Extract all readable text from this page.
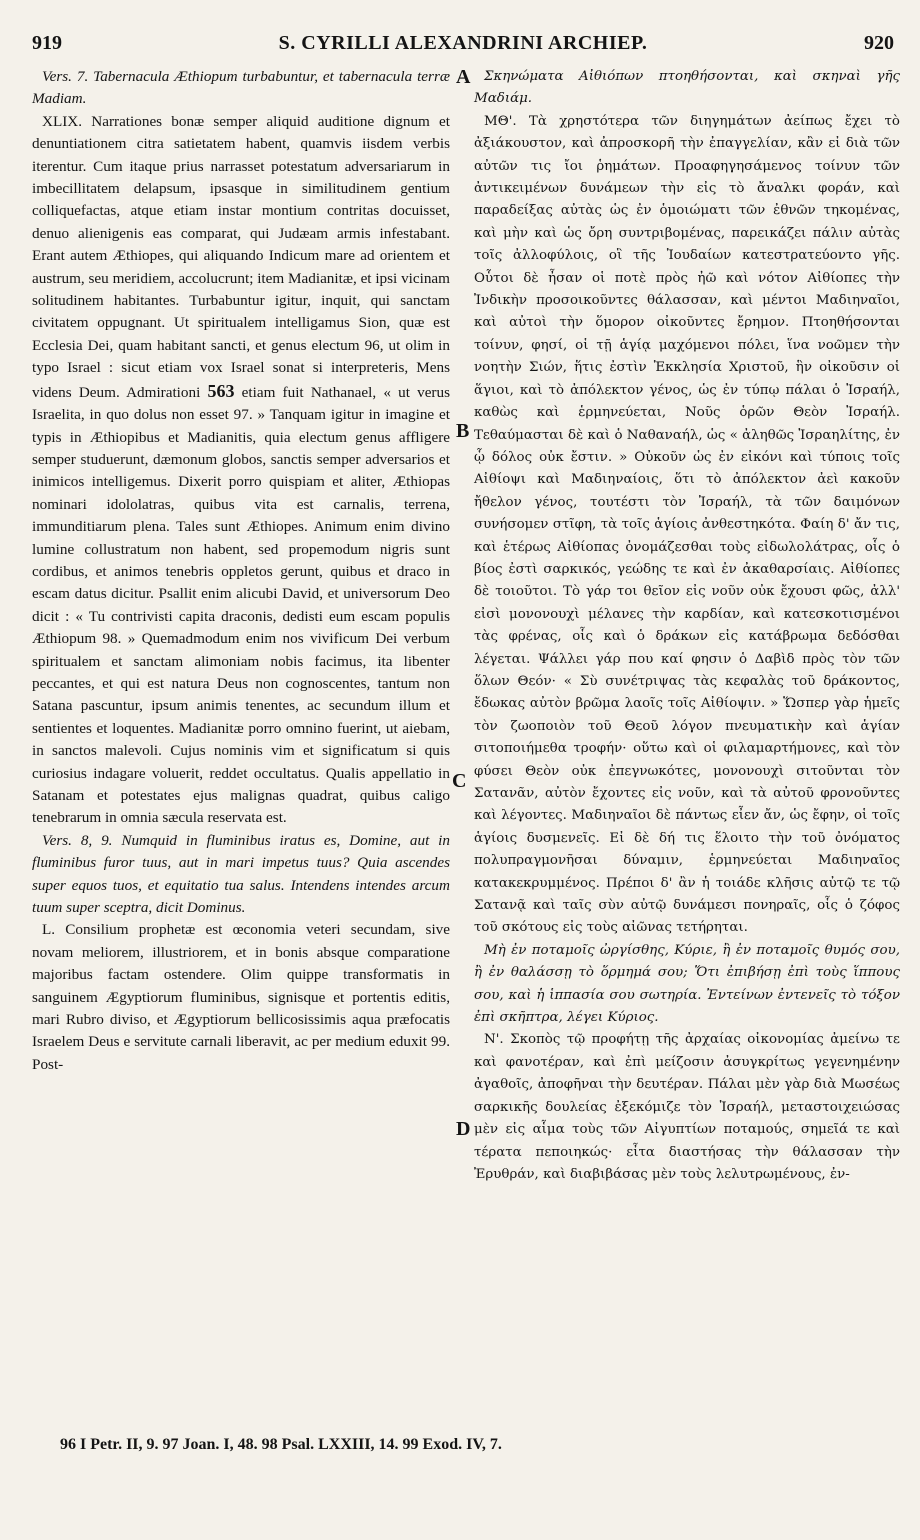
919	S. CYRILLI ALEXANDRINI ARCHIEP.	920

Vers. 7. Tabernacula Æthiopum turbabuntur, et tabernacula terræ Madiam.

XLIX. Narrationes bonæ semper aliquid auditione dignum et denuntiationem citra satietatem habent, quamvis iisdem verbis iterentur. Cum itaque prius narrasset potestatum adversariarum in imbecillitatem delapsum, ipsasque in similitudinem gentium colliquefactas, atque etiam instar montium contritas docuisset, denuo alienigenis eas comparat, qui Judæam armis infestabant. Erant autem Æthiopes, qui aliquando Indicum mare ad orientem et austrum, seu meridiem, accolucrunt; item Madianitæ, et ipsi vicinam solitudinem habitantes. Turbabuntur igitur, inquit, qui sanctam civitatem oppugnant. Ut spiritualem intelligamus Sion, quæ est Ecclesia Dei, quam habitant sancti, et genus electum 96, ut olim in typo Israel : sicut etiam vox Israel sonat si interpreteris, Mens videns Deum. Admirationi 563 etiam fuit Nathanael, « ut verus Israelita, in quo dolus non esset 97. » Tanquam igitur in imagine et typis in Æthiopibus et Madianitis, quia electum genus affligere semper studuerunt, dæmonum globos, sanctis semper adversarios et inimicos intelligemus. Dixerit porro quispiam et aliter, Æthiopas nominari idololatras, quibus vita est carnalis, terrena, immunditiarum plena. Tales sunt Æthiopes. Animum enim divino lumine collustratum non habent, sed propemodum nigris sunt cordibus, et animos tenebris oppletos gerunt, quibus et draco in escam datus dicitur. Psallit enim alicubi David, et universorum Deo dicit : « Tu contrivisti capita draconis, dedisti eum escam populis Æthiopum 98. » Quemadmodum enim nos vivificum Dei verbum spiritualem et sanctam alimoniam nobis facimus, ita libenter peccantes, et qui est natura Deus non cognoscentes, tantum non Satana pascuntur, ipsum animis tenentes, ac secundum illum et sentientes et loquentes. Madianitæ porro omnino fuerint, ut aiebam, in sanctos malevoli. Cujus nominis vim et significatum si quis curiosius indagare voluerit, reddet occultatus. Qualis appellatio in Satanam et potestates ejus malignas quadrat, quibus caligo tenebrarum in omnia sæcula reservata est.

Vers. 8, 9. Numquid in fluminibus iratus es, Domine, aut in fluminibus furor tuus, aut in mari impetus tuus? Quia ascendes super equos tuos, et equitatio tua salus. Intendens intendes arcum tuum super sceptra, dicit Dominus.

L. Consilium prophetæ est œconomia veteri secundam, sive novam meliorem, illustriorem, et in bonis absque comparatione majoribus factam ostendere. Olim quippe transformatis in sanguinem Ægyptiorum fluminibus, signisque et portentis editis, mari Rubro diviso, et Ægyptiorum bellicosissimis aqua præfocatis Israelem Deus e servitute carnali liberavit, ac per medium eduxit 99. Post-

Σκηνώματα Αἰθιόπων πτοηθήσονται, καὶ σκηναὶ γῆς Μαδιάμ.

ΜΘ'. Τὰ χρηστότερα τῶν διηγημάτων ἀείπως ἔχει τὸ ἀξιάκουστον, καὶ ἀπροσκορῆ τὴν ἐπαγγελίαν, κἂν εἰ διὰ τῶν αὐτῶν τις ἴοι ῥημάτων. Προαφηγησάμενος τοίνυν τῶν ἀντικειμένων δυνάμεων τὴν εἰς τὸ ἄναλκι φοράν, καὶ παραδείξας αὐτὰς ὡς ἐν ὁμοιώματι τῶν ἐθνῶν τηκομένας, καὶ μὴν καὶ ὡς ὄρη συντριβομένας, παρεικάζει πάλιν αὐτὰς τοῖς ἀλλοφύλοις, οἳ τῆς Ἰουδαίων κατεστρατεύοντο γῆς. Οὗτοι δὲ ἦσαν οἱ ποτὲ πρὸς ἠῶ καὶ νότον Αἰθίοπες τὴν Ἰνδικὴν προσοικοῦντες θάλασσαν, καὶ μέντοι Μαδιηναῖοι, καὶ αὐτοὶ τὴν ὅμορον οἰκοῦντες ἔρημον. Πτοηθήσονται τοίνυν, φησί, οἱ τῇ ἁγίᾳ μαχόμενοι πόλει, ἵνα νοῶμεν τὴν νοητὴν Σιών, ἥτις ἐστὶν Ἐκκλησία Χριστοῦ, ἣν οἰκοῦσιν οἱ ἅγιοι, καὶ τὸ ἀπόλεκτον γένος, ὡς ἐν τύπῳ πάλαι ὁ Ἰσραήλ, καθὼς καὶ ἑρμηνεύεται, Νοῦς ὁρῶν Θεὸν Ἰσραήλ. Τεθαύμασται δὲ καὶ ὁ Ναθαναήλ, ὡς « ἀληθῶς Ἰσραηλίτης, ἐν ᾧ δόλος οὐκ ἔστιν. » Οὐκοῦν ὡς ἐν εἰκόνι καὶ τύποις τοῖς Αἰθίοψι καὶ Μαδιηναίοις, ὅτι τὸ ἀπόλεκτον ἀεὶ κακοῦν ἤθελον γένος, τουτέστι τὸν Ἰσραήλ, τὰ τῶν δαιμόνων συνήσομεν στῖφη, τὰ τοῖς ἁγίοις ἀνθεστηκότα. Φαίη δ' ἄν τις, καὶ ἑτέρως Αἰθίοπας ὀνομάζεσθαι τοὺς εἰδωλολάτρας, οἷς ὁ βίος ἐστὶ σαρκικός, γεώδης τε καὶ ἐν ἀκαθαρσίαις. Αἰθίοπες δὲ τοιοῦτοι. Τὸ γάρ τοι θεῖον εἰς νοῦν οὐκ ἔχουσι φῶς, ἀλλ' εἰσὶ μονονουχὶ μέλανες τὴν καρδίαν, καὶ κατεσκοτισμένοι τὰς φρένας, οἷς καὶ ὁ δράκων εἰς κατάβρωμα δεδόσθαι λέγεται. Ψάλλει γάρ που καί φησιν ὁ Δαβὶδ πρὸς τὸν τῶν ὅλων Θεόν· « Σὺ συνέτριψας τὰς κεφαλὰς τοῦ δράκοντος, ἔδωκας αὐτὸν βρῶμα λαοῖς τοῖς Αἰθίοψιν. » Ὥσπερ γὰρ ἡμεῖς τὸν ζωοποιὸν τοῦ Θεοῦ λόγον πνευματικὴν καὶ ἁγίαν σιτοποιήμεθα τροφήν· οὕτω καὶ οἱ φιλαμαρτήμονες, καὶ τὸν φύσει Θεὸν οὐκ ἐπεγνωκότες, μονονουχὶ σιτοῦνται τὸν Σατανᾶν, αὐτὸν ἔχοντες εἰς νοῦν, καὶ τὰ αὐτοῦ φρονοῦντες καὶ λέγοντες. Μαδιηναῖοι δὲ πάντως εἶεν ἄν, ὡς ἔφην, οἱ τοῖς ἁγίοις δυσμενεῖς. Εἰ δὲ δή τις ἕλοιτο τὴν τοῦ ὀνόματος πολυπραγμονῆσαι δύναμιν, ἑρμηνεύεται Μαδιηναῖος κατακεκρυμμένος. Πρέποι δ' ἂν ἡ τοιάδε κλῆσις αὐτῷ τε τῷ Σατανᾷ καὶ ταῖς σὺν αὐτῷ δυνάμεσι πονηραῖς, οἷς ὁ ζόφος τοῦ σκότους εἰς τοὺς αἰῶνας τετήρηται.

Μὴ ἐν ποταμοῖς ὠργίσθης, Κύριε, ἢ ἐν ποταμοῖς θυμός σου, ἢ ἐν θαλάσσῃ τὸ ὅρμημά σου; Ὅτι ἐπιβήσῃ ἐπὶ τοὺς ἵππους σου, καὶ ἡ ἱππασία σου σωτηρία. Ἐντείνων ἐντενεῖς τὸ τόξον ἐπὶ σκῆπτρα, λέγει Κύριος.

Ν'. Σκοπὸς τῷ προφήτῃ τῆς ἀρχαίας οἰκονομίας ἀμείνω τε καὶ φανοτέραν, καὶ ἐπὶ μείζοσιν ἀσυγκρίτως γεγενημένην ἀγαθοῖς, ἀποφῆναι τὴν δευτέραν. Πάλαι μὲν γὰρ διὰ Μωσέως σαρκικῆς δουλείας ἐξεκόμιζε τὸν Ἰσραήλ, μεταστοιχειώσας μὲν εἰς αἷμα τοὺς τῶν Αἰγυπτίων ποταμούς, σημεῖά τε καὶ τέρατα πεποιηκώς· εἶτα διαστήσας τὴν θάλασσαν τὴν Ἐρυθράν, καὶ διαβιβάσας μὲν τοὺς λελυτρωμένους, ἐν-

A
B
C
D
96 I Petr. II, 9. 97 Joan. I, 48. 98 Psal. LXXIII, 14. 99 Exod. IV, 7.
